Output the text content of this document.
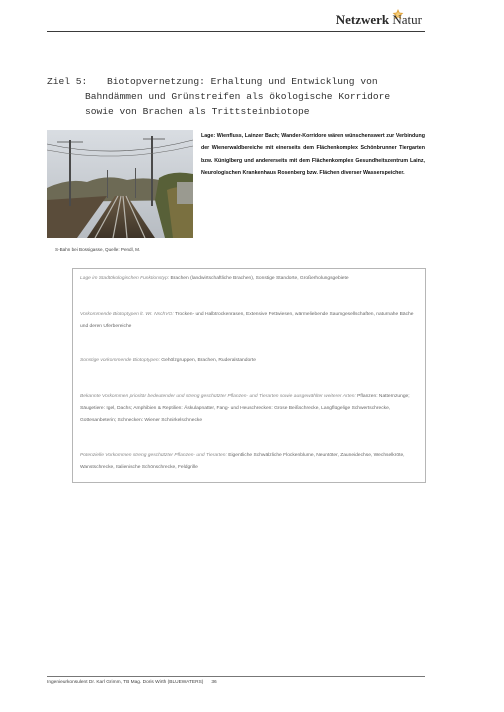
Netzwerk Natur
Ziel 5: Biotopvernetzung: Erhaltung und Entwicklung von
Bahndämmen und Grünstreifen als ökologische Korridore
sowie von Brachen als Trittsteinbiotope
S-Bahn bei Bossigasse, Quelle: Pendl, M.
Lage: Wienfluss, Lainzer Bach; Wander-Korridore wären wünschenswert zur Verbindung der Wienerwaldbereiche mit einerseits dem Flächenkomplex Schönbrunner Tiergarten bzw. Küniglberg und andererseits mit dem Flächenkomplex Gesundheitszentrum Lainz, Neurologischen Krankenhaus Rosenberg bzw. Flächen diverser Wasserspeicher.
Lage im Stadtökologischen Funktionstyp: Brachen (landwirtschaftliche Brachen), Sonstige Standorte, Großerholungsgebiete
Vorkommende Biotoptypen lt. Wr. NschVO: Trocken- und Halbtrockenrasen, Extensive Fettwiesen, wärmeliebende Saumgesellschaften, naturnahe Bäche und deren Uferbereiche
Sonstige vorkommende Biotoptypen: Gehölzgruppen, Brachen, Ruderalstandorte
Bekannte Vorkommen prioritär bedeutender und streng geschützter Pflanzen- und Tierarten sowie ausgewählter weiterer Arten: Pflanzen: Natternzunge; Säugetiere: Igel, Dachs; Amphibien & Reptilien: Äskulapnatter, Fang- und Heuschrecken: Grose Beißschrecke, Langflügelige Schwertschrecke, Gottesanbeterin; Schnecken: Wiener Schnirkelschnecke
Potenzielle Vorkommen streng geschützter Pflanzen- und Tierarten: Eigentliche Schwälzliche Flockenblume, Neuntöter, Zauneidechse, Wechselkröte, Wanstschrecke, Italienische Schönschrecke, Feldgrille
Ingenieurkonsulent Dr. Karl Grimm, TB Mag. Doris Wirth (BLUEWATERS) 36
